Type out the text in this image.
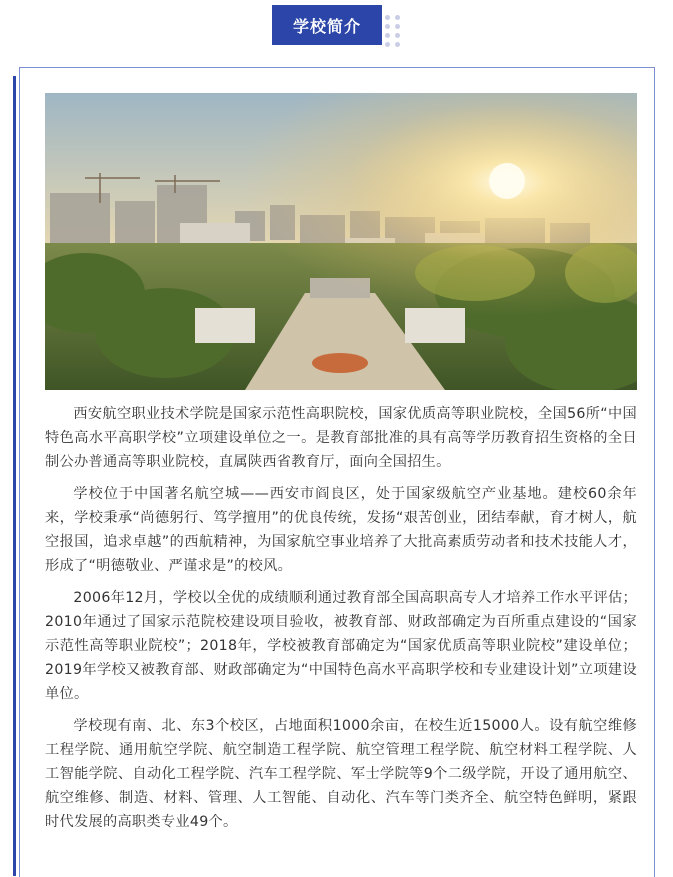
学校简介

西安航空职业技术学院是国家示范性高职院校，国家优质高等职业院校，全国56所“中国特色高水平高职学校”立项建设单位之一。是教育部批准的具有高等学历教育招生资格的全日制公办普通高等职业院校，直属陕西省教育厅，面向全国招生。

学校位于中国著名航空城——西安市阎良区，处于国家级航空产业基地。建校60余年来，学校秉承“尚德躬行、笃学擅用”的优良传统，发扬“艰苦创业，团结奉献，育才树人，航空报国，追求卓越”的西航精神，为国家航空事业培养了大批高素质劳动者和技术技能人才，形成了“明德敬业、严谨求是”的校风。

2006年12月，学校以全优的成绩顺利通过教育部全国高职高专人才培养工作水平评估；2010年通过了国家示范院校建设项目验收，被教育部、财政部确定为百所重点建设的“国家示范性高等职业院校”；2018年，学校被教育部确定为“国家优质高等职业院校”建设单位；2019年学校又被教育部、财政部确定为“中国特色高水平高职学校和专业建设计划”立项建设单位。

学校现有南、北、东3个校区，占地面积1000余亩，在校生近15000人。设有航空维修工程学院、通用航空学院、航空制造工程学院、航空管理工程学院、航空材料工程学院、人工智能学院、自动化工程学院、汽车工程学院、军士学院等9个二级学院，开设了通用航空、航空维修、制造、材料、管理、人工智能、自动化、汽车等门类齐全、航空特色鲜明，紧跟时代发展的高职类专业49个。
